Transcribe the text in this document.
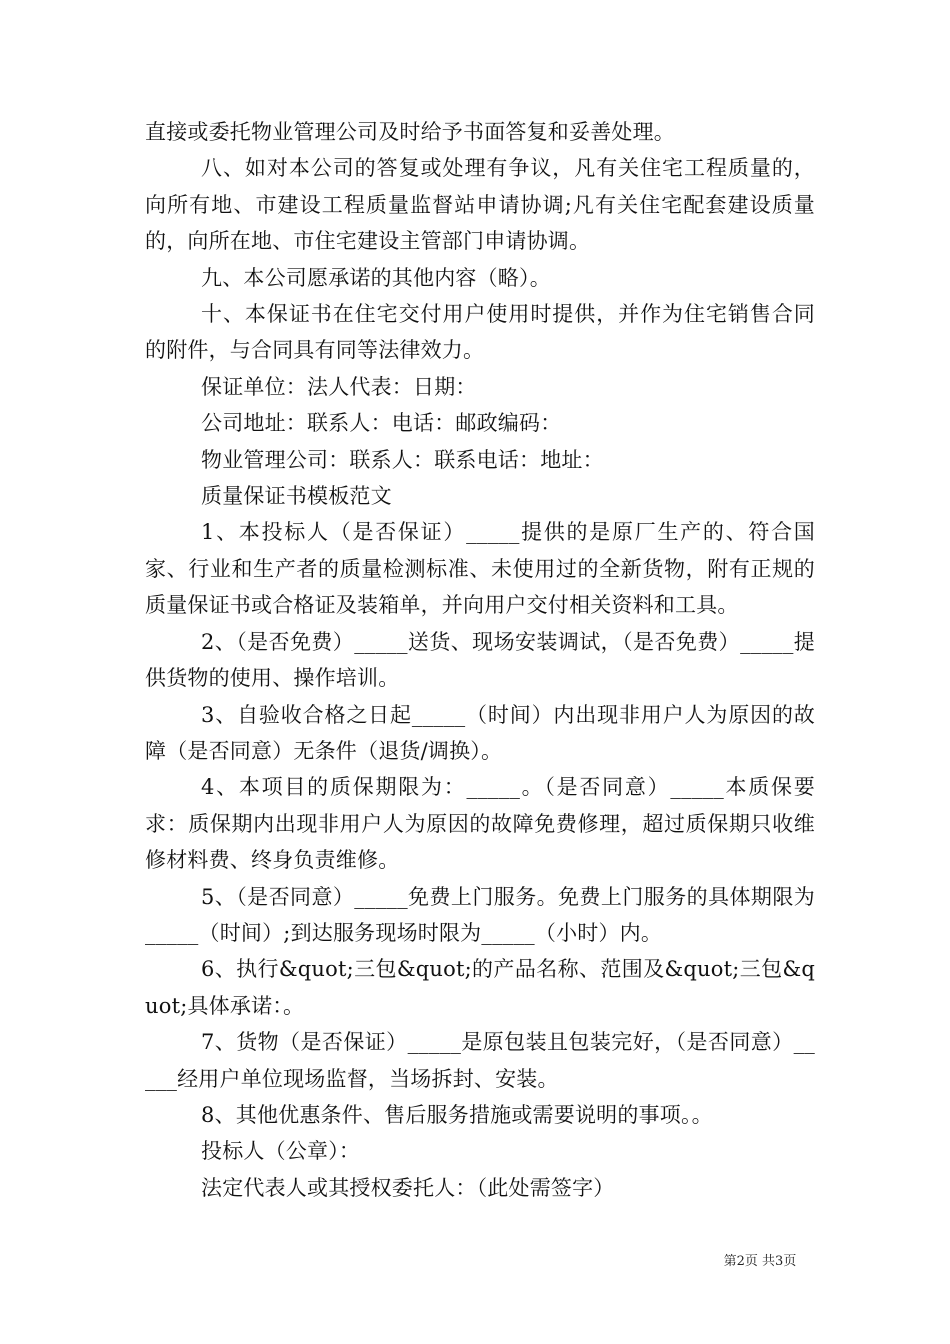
直接或委托物业管理公司及时给予书面答复和妥善处理。

八、如对本公司的答复或处理有争议，凡有关住宅工程质量的，向所有地、市建设工程质量监督站申请协调;凡有关住宅配套建设质量的，向所在地、市住宅建设主管部门申请协调。

九、本公司愿承诺的其他内容（略）。

十、本保证书在住宅交付用户使用时提供，并作为住宅销售合同的附件，与合同具有同等法律效力。

保证单位：法人代表：日期：

公司地址：联系人：电话：邮政编码：

物业管理公司：联系人：联系电话：地址：

质量保证书模板范文

1、本投标人（是否保证）_____提供的是原厂生产的、符合国家、行业和生产者的质量检测标准、未使用过的全新货物，附有正规的质量保证书或合格证及装箱单，并向用户交付相关资料和工具。

2、（是否免费）_____送货、现场安装调试，（是否免费）_____提供货物的使用、操作培训。

3、自验收合格之日起_____（时间）内出现非用户人为原因的故障（是否同意）无条件（退货/调换）。

4、本项目的质保期限为：_____。（是否同意）_____本质保要求：质保期内出现非用户人为原因的故障免费修理，超过质保期只收维修材料费、终身负责维修。

5、（是否同意）_____免费上门服务。免费上门服务的具体期限为_____（时间）;到达服务现场时限为_____（小时）内。

6、执行&quot;三包&quot;的产品名称、范围及&quot;三包&quot;具体承诺：。

7、货物（是否保证）_____是原包装且包装完好，（是否同意）_____经用户单位现场监督，当场拆封、安装。

8、其他优惠条件、售后服务措施或需要说明的事项。。

投标人（公章）：

法定代表人或其授权委托人：（此处需签字）

第2页 共3页
